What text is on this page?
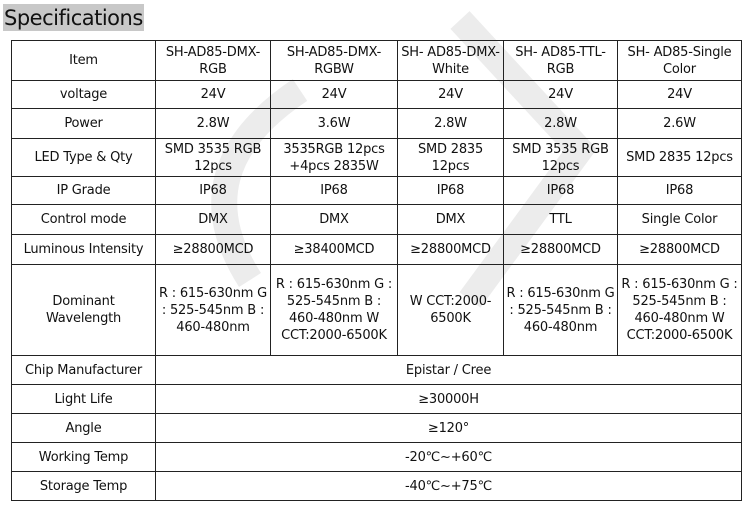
Specifications
Item	SH-AD85-DMX-RGB	SH-AD85-DMX-RGBW	SH- AD85-DMX-White	SH- AD85-TTL-RGB	SH- AD85-Single Color
voltage	24V	24V	24V	24V	24V
Power	2.8W	3.6W	2.8W	2.8W	2.6W
LED Type & Qty	SMD 3535 RGB 12pcs	3535RGB 12pcs +4pcs 2835W	SMD 2835 12pcs	SMD 3535 RGB 12pcs	SMD 2835 12pcs
IP Grade	IP68	IP68	IP68	IP68	IP68
Control mode	DMX	DMX	DMX	TTL	Single Color
Luminous Intensity	≥28800MCD	≥38400MCD	≥28800MCD	≥28800MCD	≥28800MCD
Dominant Wavelength	R : 615-630nm G : 525-545nm B : 460-480nm	R : 615-630nm G : 525-545nm B : 460-480nm W CCT:2000-6500K	W CCT:2000-6500K	R : 615-630nm G : 525-545nm B : 460-480nm	R : 615-630nm G : 525-545nm B : 460-480nm W CCT:2000-6500K
Chip Manufacturer	Epistar / Cree				
Light Life	≥30000H				
Angle	≥120°				
Working Temp	-20℃~+60℃				
Storage Temp	-40℃~+75℃				
